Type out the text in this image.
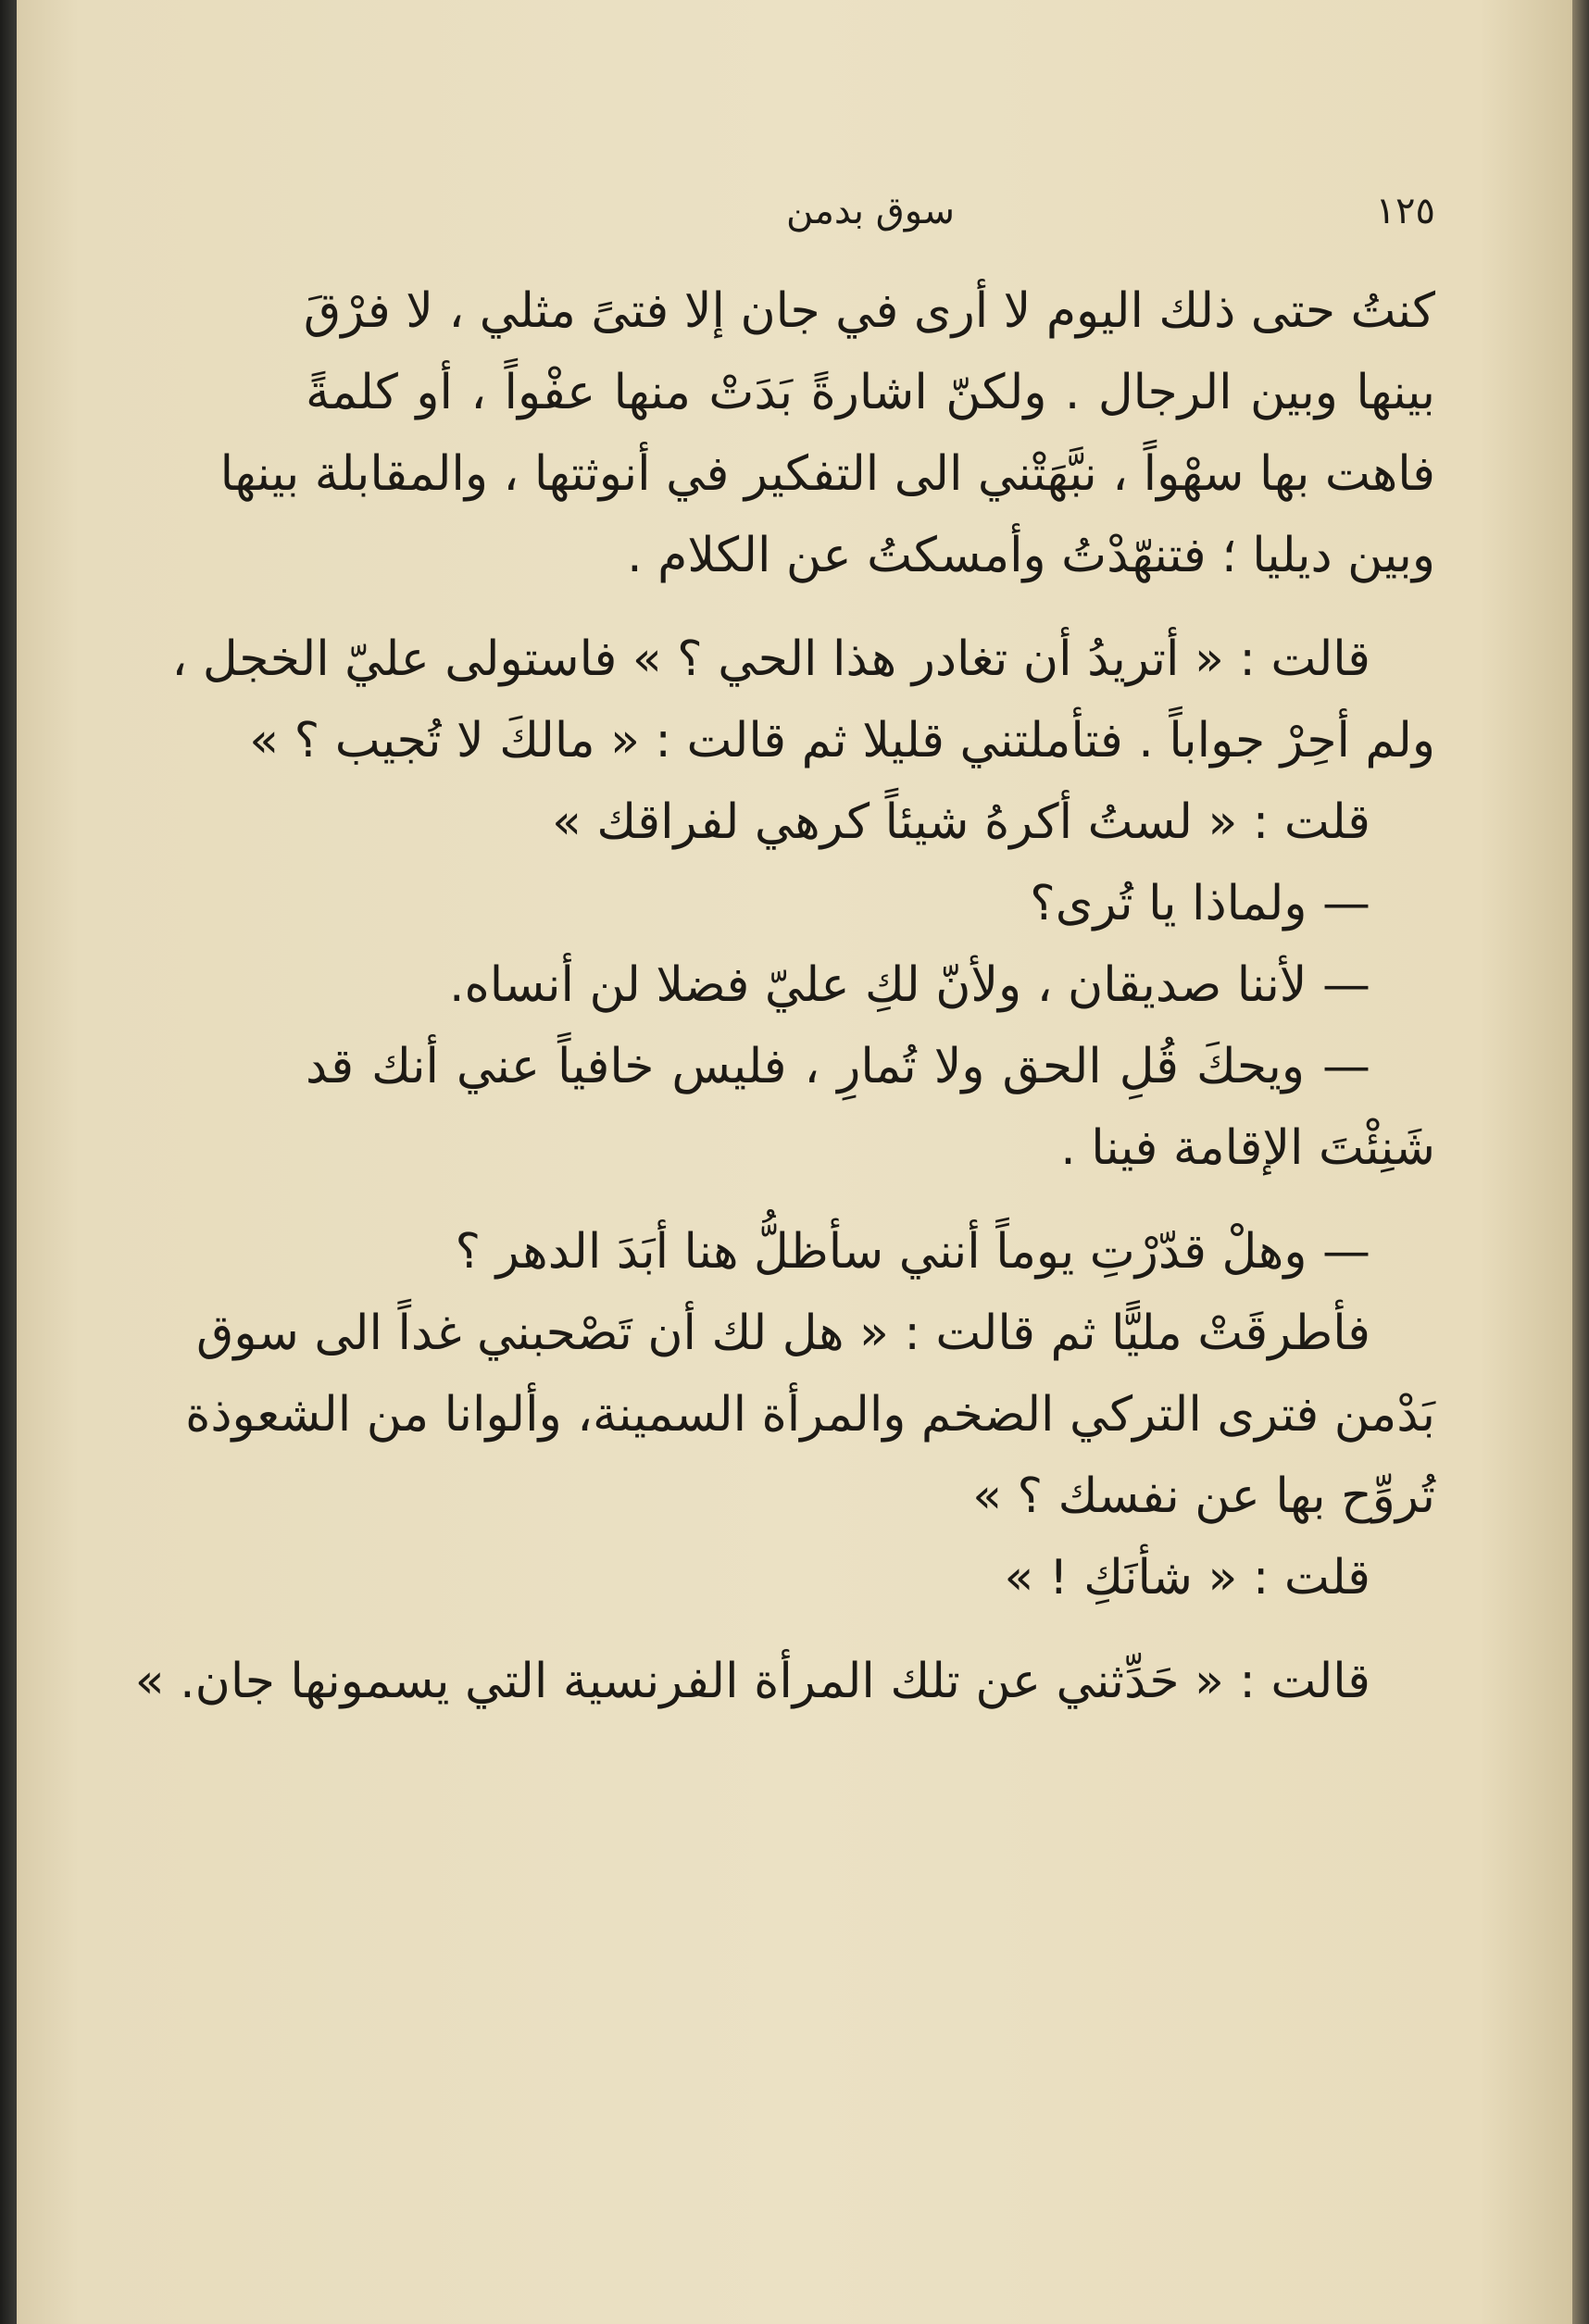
١٢٥
سوق بدمن
كنتُ حتى ذلك اليوم لا أرى في جان إلا فتىً مثلي ، لا فرْقَ
بينها وبين الرجال . ولكنّ اشارةً بَدَتْ منها عفْواً ، أو كلمةً
فاهت بها سهْواً ، نبَّهَتْني الى التفكير في أنوثتها ، والمقابلة بينها
وبين ديليا ؛ فتنهّدْتُ وأمسكتُ عن الكلام .
قالت : « أتريدُ أن تغادر هذا الحي ؟ » فاستولى عليّ الخجل ،
ولم أحِرْ جواباً . فتأملتني قليلا ثم قالت : « مالكَ لا تُجيب ؟ »
قلت : « لستُ أكرهُ شيئاً كرهي لفراقك »
— ولماذا يا تُرى؟
— لأننا صديقان ، ولأنّ لكِ عليّ فضلا لن أنساه.
— ويحكَ قُلِ الحق ولا تُمارِ ، فليس خافياً عني أنك قد
شَنِئْتَ الإقامة فينا .
— وهلْ قدّرْتِ يوماً أنني سأظلُّ هنا أبَدَ الدهر ؟
فأطرقَتْ مليًّا ثم قالت : « هل لك أن تَصْحبني غداً الى سوق
بَدْمن فترى التركي الضخم والمرأة السمينة، وألوانا من الشعوذة
تُروِّح بها عن نفسك ؟ »
قلت : « شأنَكِ ! »
قالت : « حَدِّثني عن تلك المرأة الفرنسية التي يسمونها جان. »
